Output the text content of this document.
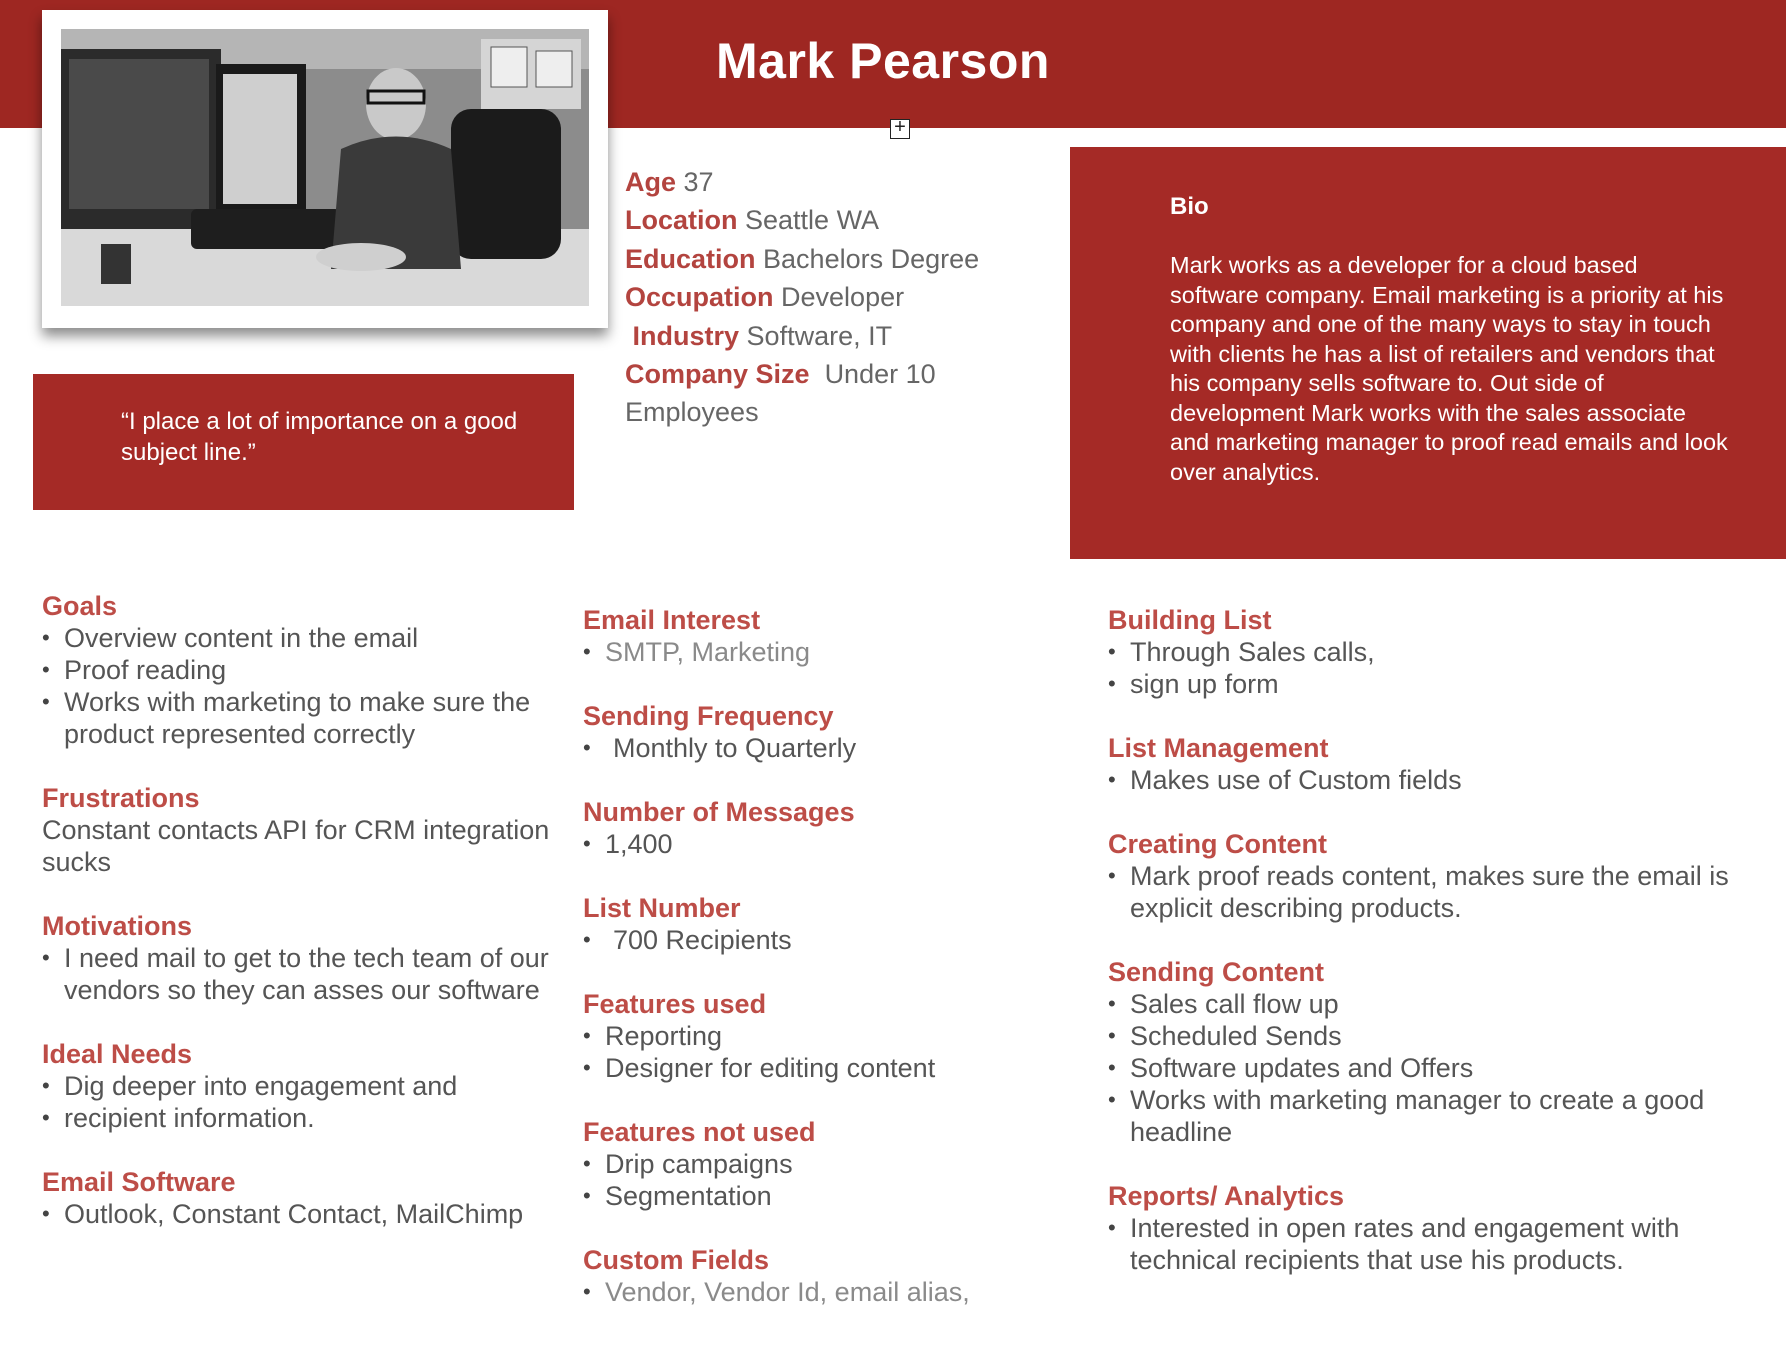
Mark Pearson
+

“I place a lot of importance on a good subject line.”

Age 37
Location Seattle WA
Education Bachelors Degree
Occupation Developer
Industry Software, IT
Company Size Under 10
Employees

Bio

Mark works as a developer for a cloud based software company. Email marketing is a priority at his company and one of the many ways to stay in touch with clients he has a list of retailers and vendors that his company sells software to. Out side of development Mark works with the sales associate and marketing manager to proof read emails and look over analytics.

Goals

• Overview content in the email
• Proof reading
• Works with marketing to make sure the product represented correctly

Frustrations

Constant contacts API for CRM integration sucks

Motivations

• I need mail to get to the tech team of our vendors so they can asses our software

Ideal Needs

• Dig deeper into engagement and
• recipient information.

Email Software

• Outlook, Constant Contact, MailChimp

Email Interest

• SMTP, Marketing

Sending Frequency

• Monthly to Quarterly

Number of Messages

• 1,400

List Number

• 700 Recipients

Features used

• Reporting
• Designer for editing content

Features not used

• Drip campaigns
• Segmentation

Custom Fields

• Vendor, Vendor Id, email alias,

Building List

• Through Sales calls,
• sign up form

List Management

• Makes use of Custom fields

Creating Content

• Mark proof reads content, makes sure the email is explicit describing products.

Sending Content

• Sales call flow up
• Scheduled Sends
• Software updates and Offers
• Works with marketing manager to create a good headline

Reports/ Analytics

• Interested in open rates and engagement with technical recipients that use his products.
